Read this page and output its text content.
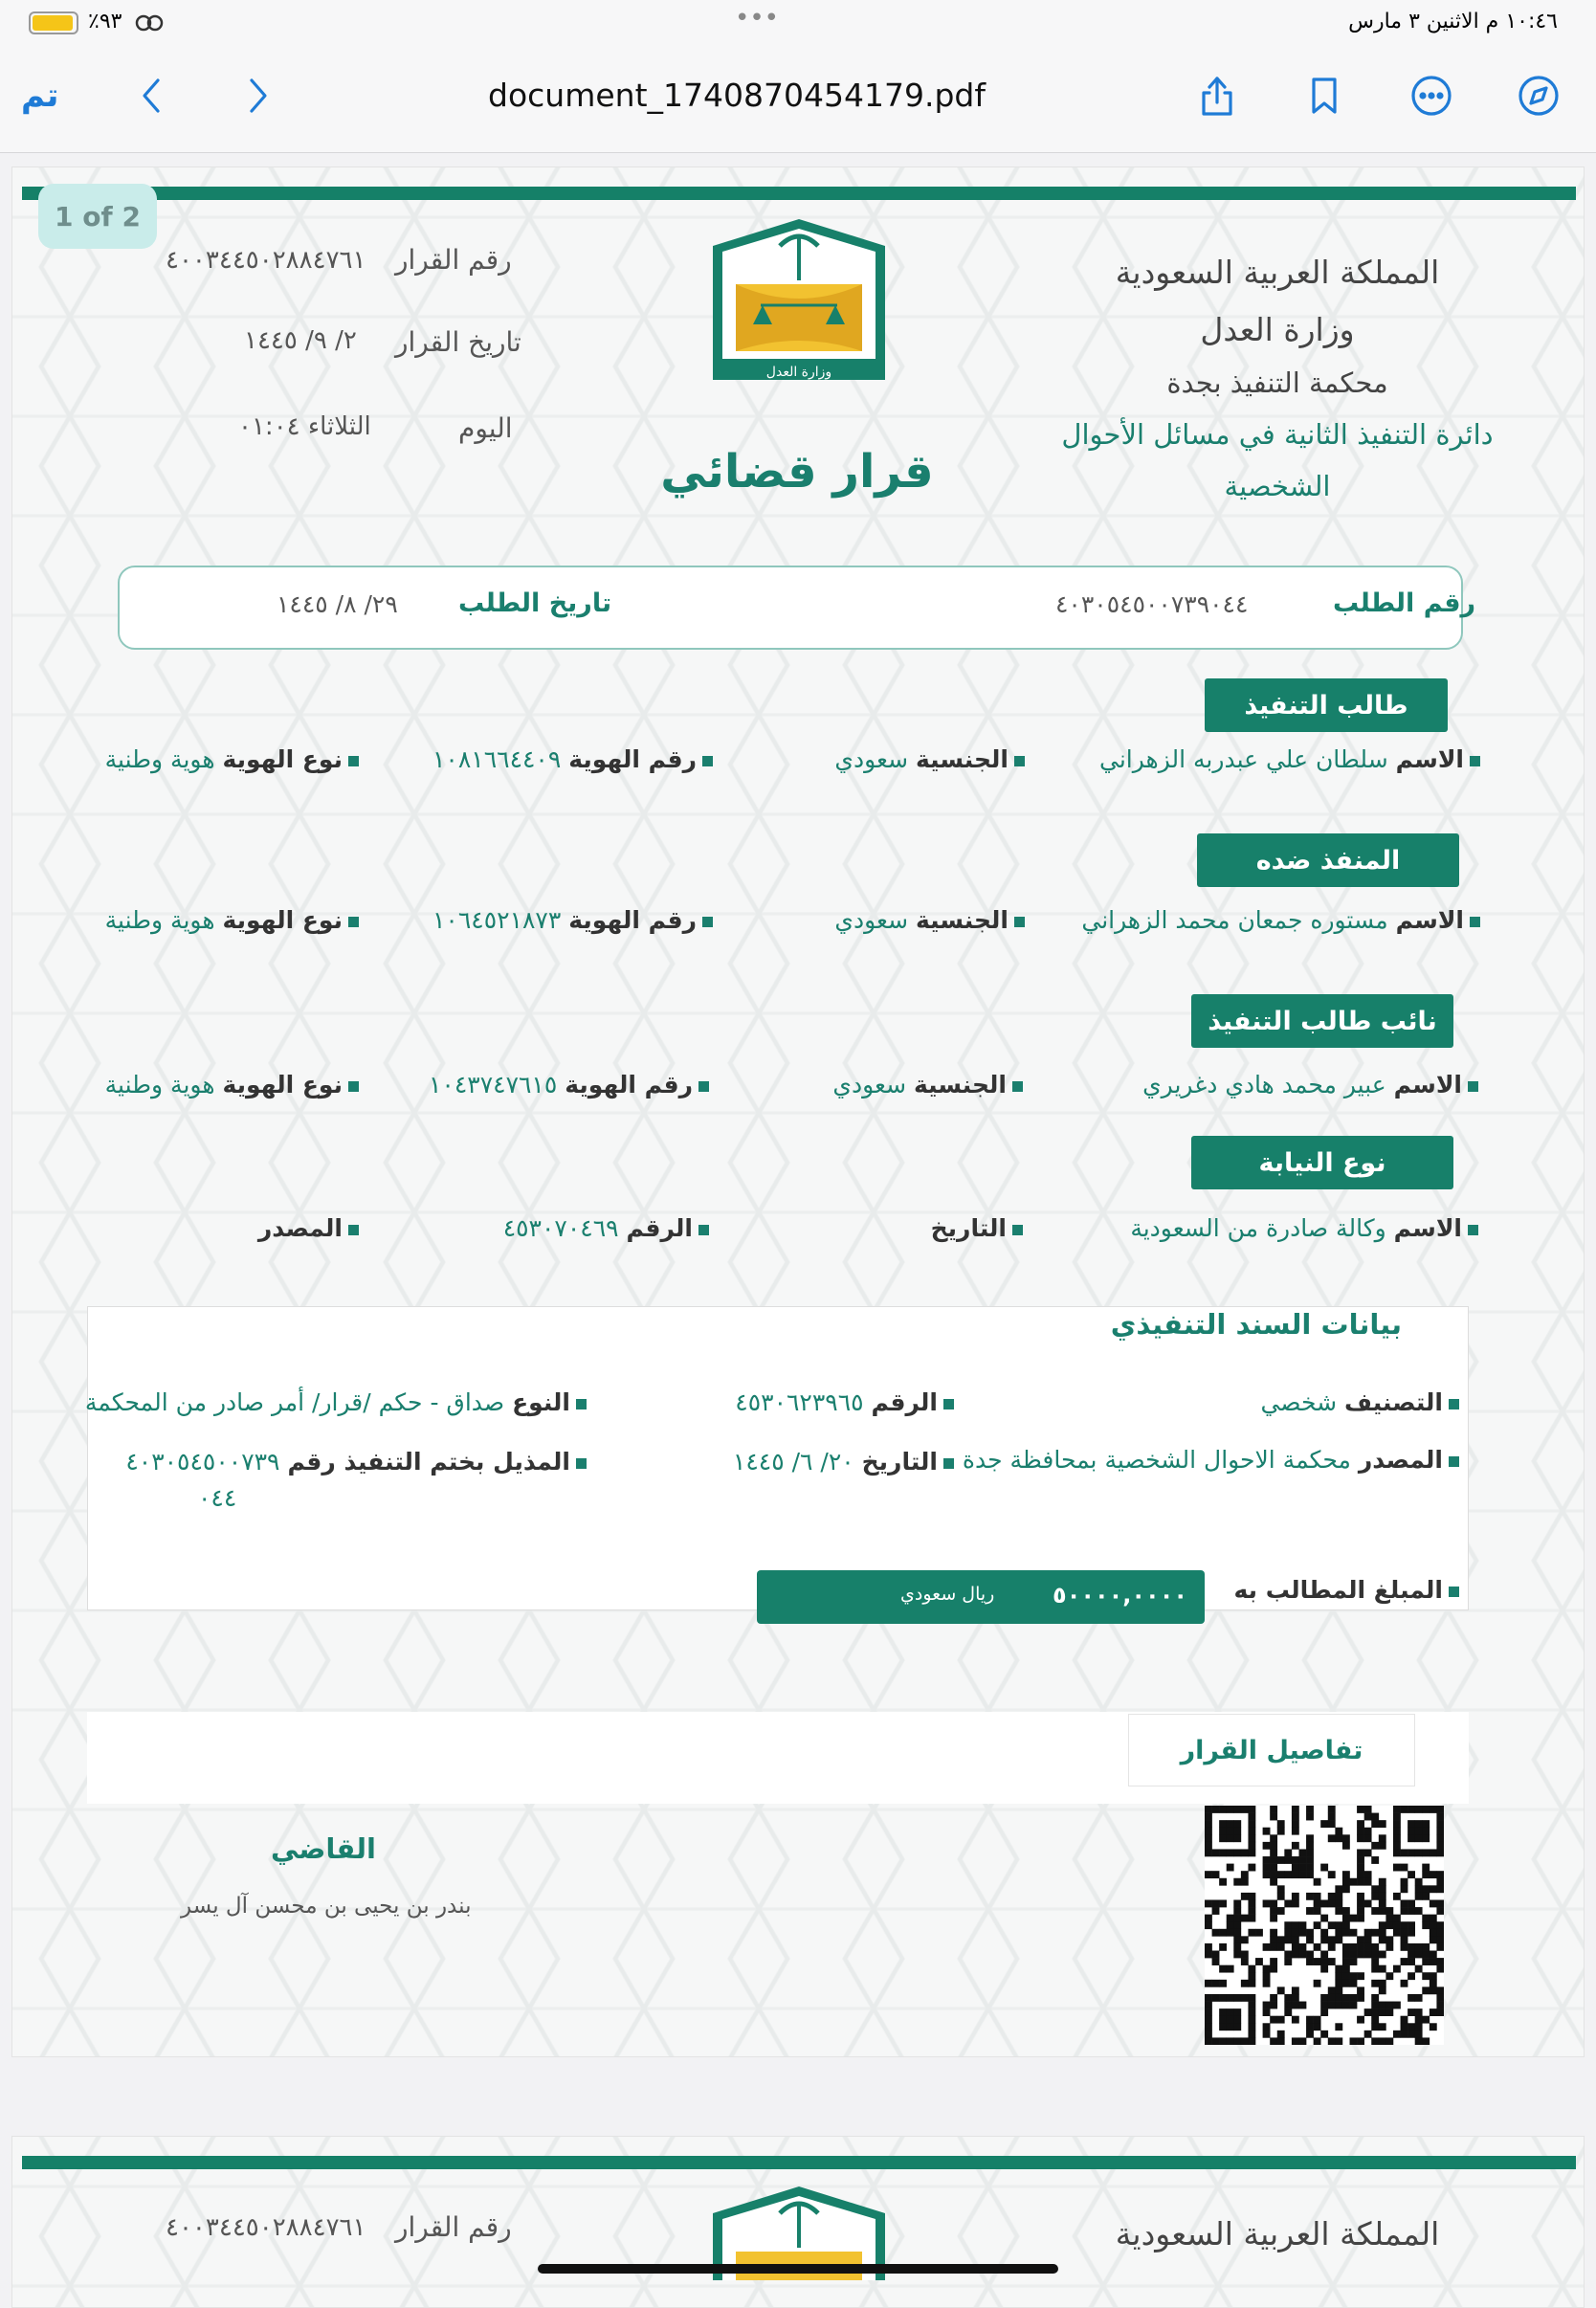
١٠:٤٦ م الاثنين ٣ مارس
•••
٪٩٣
تم	document_1740870454179.pdf
المملكة العربية السعودية
وزارة العدل
محكمة التنفيذ بجدة
دائرة التنفيذ الثانية في مسائل الأحوال
الشخصية
وزارة العدل
قرار قضائي
رقم القرار
٤٠٠٣٤٤٥٠٢٨٨٤٧٦١
تاريخ القرار
٢/ ٩/ ١٤٤٥
اليوم
الثلاثاء ٠١:٠٤
رقم الطلب
٤٠٣٠٥٤٥٠٠٧٣٩٠٤٤
تاريخ الطلب
٢٩/ ٨/ ١٤٤٥
طالب التنفيذ
الاسم سلطان علي عبدربه الزهراني
الجنسية سعودي
رقم الهوية ١٠٨١٦٦٤٤٠٩
نوع الهوية هوية وطنية
المنفذ ضده
الاسم مستوره جمعان محمد الزهراني
الجنسية سعودي
رقم الهوية ١٠٦٤٥٢١٨٧٣
نوع الهوية هوية وطنية
نائب طالب التنفيذ
الاسم عبير محمد هادي دغريري
الجنسية سعودي
رقم الهوية ١٠٤٣٧٤٧٦١٥
نوع الهوية هوية وطنية
نوع النيابة
الاسم وكالة صادرة من السعودية
التاريخ
الرقم ٤٥٣٠٧٠٤٦٩
المصدر
بيانات السند التنفيذي
التصنيف شخصي
الرقم ٤٥٣٠٦٢٣٩٦٥
النوع صداق - حكم /قرار/ أمر صادر من المحكمة
المصدر محكمة الاحوال الشخصية بمحافظة جدة
التاريخ ٢٠/ ٦/ ١٤٤٥
المذيل بختم التنفيذ رقم ٤٠٣٠٥٤٥٠٠٧٣٩
٠٤٤
المبلغ المطالب به
٥٠٠٠٠,٠٠٠٠
ريال سعودي
تفاصيل القرار
القاضي
بندر بن يحيى بن محسن آل يسر
1 of 2
المملكة العربية السعودية
رقم القرار
٤٠٠٣٤٤٥٠٢٨٨٤٧٦١
